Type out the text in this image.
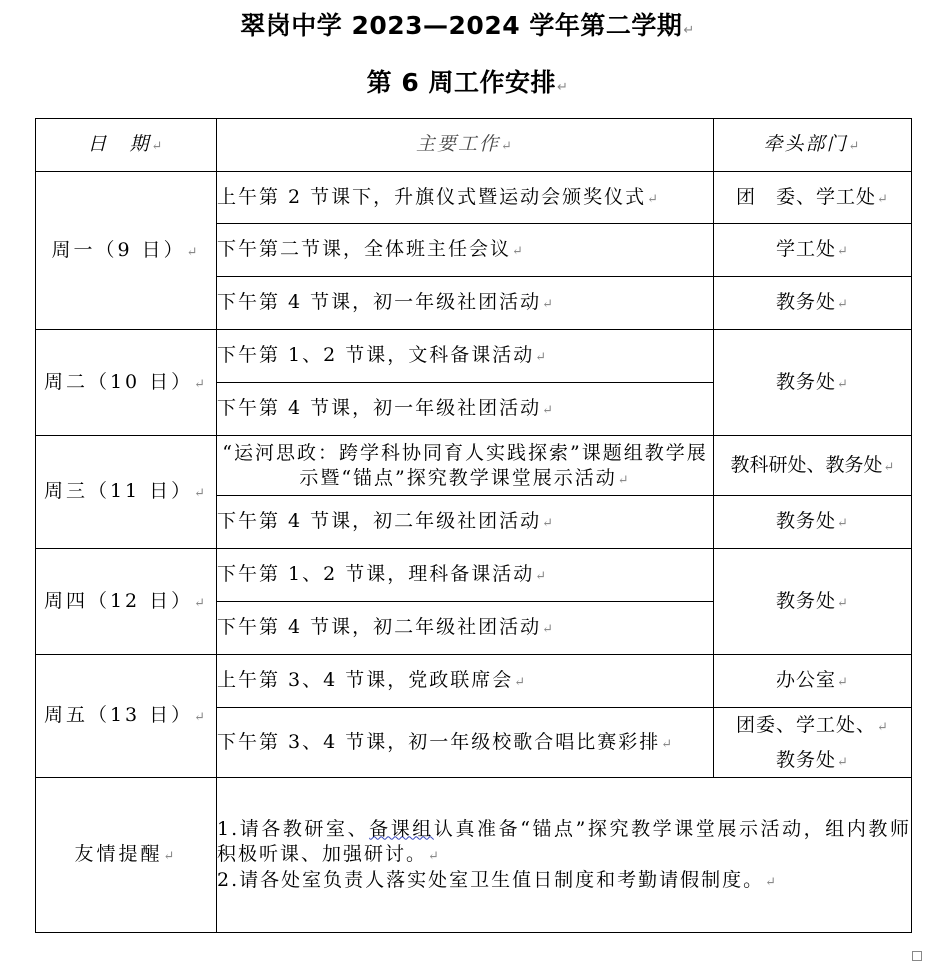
翠岗中学 2023—2024 学年第二学期↵
第 6 周工作安排↵
日　期↵	主要工作↵	牵头部门↵
周一（9 日）↵	上午第 2 节课下，升旗仪式暨运动会颁奖仪式↵	团　委、学工处↵
	下午第二节课，全体班主任会议↵	学工处↵
	下午第 4 节课，初一年级社团活动↵	教务处↵
周二（10 日）↵	下午第 1、2 节课，文科备课活动↵	教务处↵
	下午第 4 节课，初一年级社团活动↵	
周三（11 日）↵	“运河思政：跨学科协同育人实践探索”课题组教学展示暨“锚点”探究教学课堂展示活动↵	教科研处、教务处↵
	下午第 4 节课，初二年级社团活动↵	教务处↵
周四（12 日）↵	下午第 1、2 节课，理科备课活动↵	教务处↵
	下午第 4 节课，初二年级社团活动↵	
周五（13 日）↵	上午第 3、4 节课，党政联席会↵	办公室↵
	下午第 3、4 节课，初一年级校歌合唱比赛彩排↵	团委、学工处、↵
教务处↵
友情提醒↵	1.请各教研室、备课组认真准备“锚点”探究教学课堂展示活动，组内教师积极听课、加强研讨。↵
2.请各处室负责人落实处室卫生值日制度和考勤请假制度。↵	
